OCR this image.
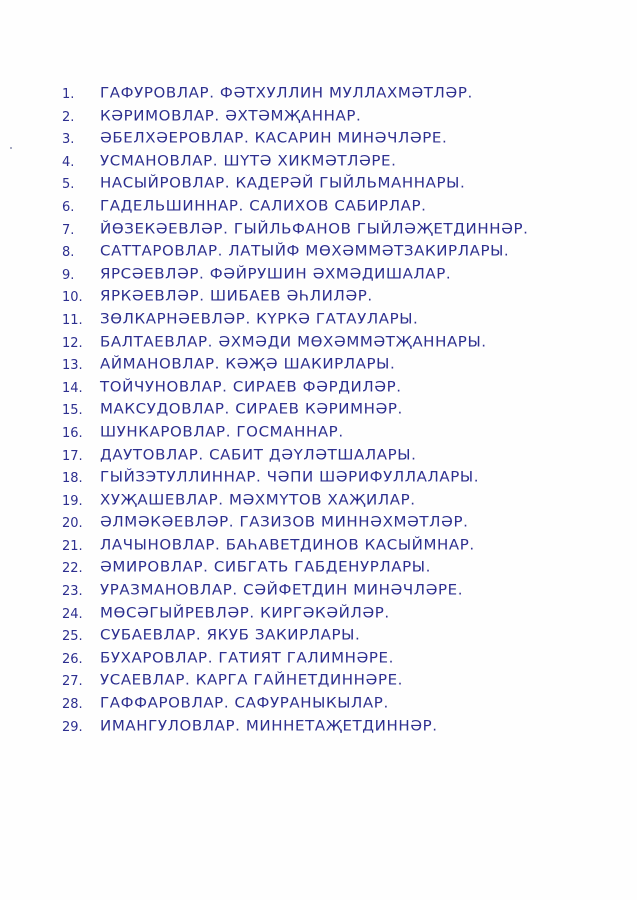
1. ГАФУРОВЛАР. ФӘТХУЛЛИН МУЛЛАХМӘТЛӘР.
2. КӘРИМОВЛАР. ӘХТӘМҖАННАР.
3. ӘБЕЛХӘЕРОВЛАР. КАСАРИН МИНӘЧЛӘРЕ.
4. УСМАНОВЛАР. ШҮТӘ ХИКМӘТЛӘРЕ.
5. НАСЫЙРОВЛАР. КАДЕРӘЙ ГЫЙЛЬМАННАРЫ.
6. ГАДЕЛЬШИННАР. САЛИХОВ САБИРЛАР.
7. ЙӨЗЕКӘЕВЛӘР. ГЫЙЛЬФАНОВ ГЫЙЛӘҖЕТДИННӘР.
8. САТТАРОВЛАР. ЛАТЫЙФ МӨХӘММӘТЗАКИРЛАРЫ.
9. ЯРСӘЕВЛӘР. ФӘЙРУШИН ӘХМӘДИШАЛАР.
10. ЯРКӘЕВЛӘР. ШИБАЕВ ӘҺЛИЛӘР.
11. ЗӨЛКАРНӘЕВЛӘР. КҮРКӘ ГАТАУЛАРЫ.
12. БАЛТАЕВЛАР. ӘХМӘДИ МӨХӘММӘТҖАННАРЫ.
13. АЙМАНОВЛАР. КӘҖӘ ШАКИРЛАРЫ.
14. ТОЙЧУНОВЛАР. СИРАЕВ ФӘРДИЛӘР.
15. МАКСУДОВЛАР. СИРАЕВ КӘРИМНӘР.
16. ШУНКАРОВЛАР. ГОСМАННАР.
17. ДАУТОВЛАР. САБИТ ДӘҮЛӘТШАЛАРЫ.
18. ГЫЙЗЭТУЛЛИННАР. ЧӘПИ ШӘРИФУЛЛАЛАРЫ.
19. ХУҖАШЕВЛАР. МӘХМҮТОВ ХАҖИЛАР.
20. ӘЛМӘКӘЕВЛӘР. ГАЗИЗОВ МИННӘХМӘТЛӘР.
21. ЛАЧЫНОВЛАР. БАҺАВЕТДИНОВ КАСЫЙМНАР.
22. ӘМИРОВЛАР. СИБГАТЬ ГАБДЕНУРЛАРЫ.
23. УРАЗМАНОВЛАР. СӘЙФЕТДИН МИНӘЧЛӘРЕ.
24. МӨСӘГЫЙРЕВЛӘР. КИРГӘКӘЙЛӘР.
25. СУБАЕВЛАР. ЯКУБ ЗАКИРЛАРЫ.
26. БУХАРОВЛАР. ГАТИЯТ ГАЛИМНӘРЕ.
27. УСАЕВЛАР. КАРГА ГАЙНЕТДИННӘРЕ.
28. ГАФФАРОВЛАР. САФУРАНЫКЫЛАР.
29. ИМАНГУЛОВЛАР. МИННЕТАҖЕТДИННӘР.
